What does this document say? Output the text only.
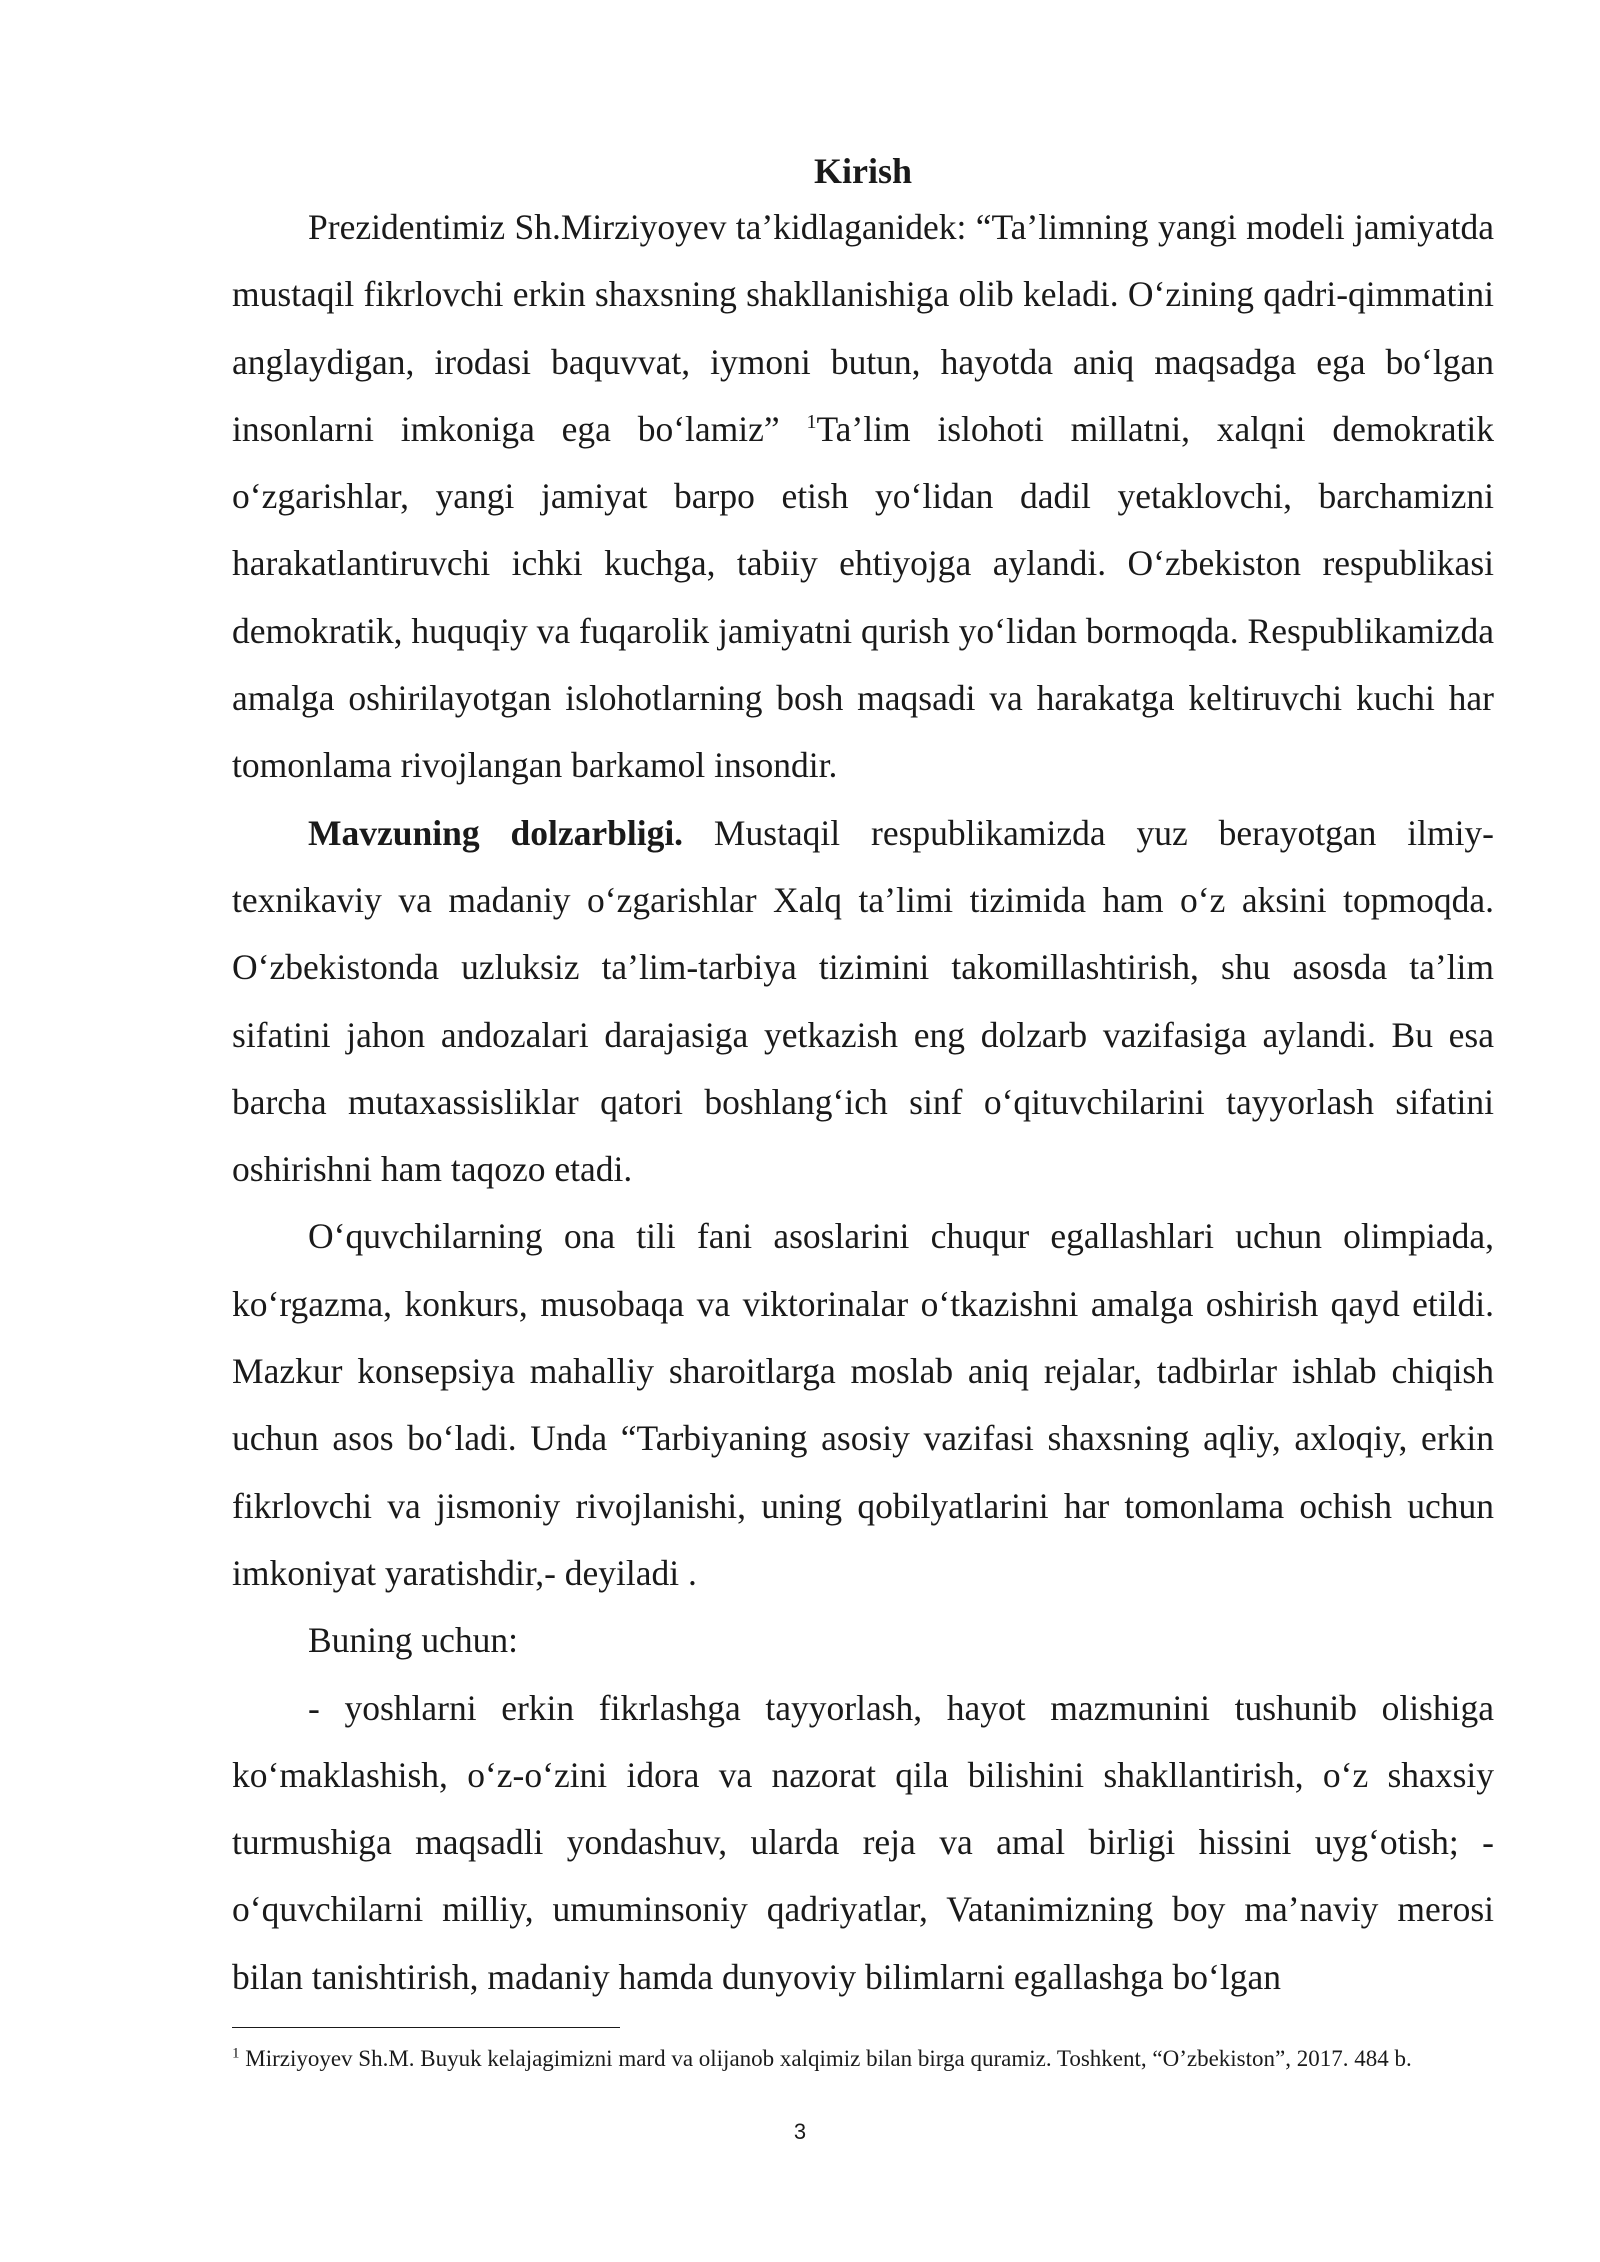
Kirish

Prezidentimiz Sh.Mirziyoyev ta’kidlaganidek: “Ta’limning yangi modeli jamiyatda mustaqil fikrlovchi erkin shaxsning shakllanishiga olib keladi. O‘zining qadri-qimmatini anglaydigan, irodasi baquvvat, iymoni butun, hayotda aniq maqsadga ega bo‘lgan insonlarni imkoniga ega bo‘lamiz” $^1$Ta’lim islohoti millatni, xalqni demokratik o‘zgarishlar, yangi jamiyat barpo etish yo‘lidan dadil yetaklovchi, barchamizni harakatlantiruvchi ichki kuchga, tabiiy ehtiyojga aylandi. O‘zbekiston respublikasi demokratik, huquqiy va fuqarolik jamiyatni qurish yo‘lidan bormoqda. Respublikamizda amalga oshirilayotgan islohotlarning bosh maqsadi va harakatga keltiruvchi kuchi har tomonlama rivojlangan barkamol insondir.

Mavzuning dolzarbligi. Mustaqil respublikamizda yuz berayotgan ilmiy-texnikaviy va madaniy o‘zgarishlar Xalq ta’limi tizimida ham o‘z aksini topmoqda. O‘zbekistonda uzluksiz ta’lim-tarbiya tizimini takomillashtirish, shu asosda ta’lim sifatini jahon andozalari darajasiga yetkazish eng dolzarb vazifasiga aylandi. Bu esa barcha mutaxassisliklar qatori boshlang‘ich sinf o‘qituvchilarini tayyorlash sifatini oshirishni ham taqozo etadi.

O‘quvchilarning ona tili fani asoslarini chuqur egallashlari uchun olimpiada, ko‘rgazma, konkurs, musobaqa va viktorinalar o‘tkazishni amalga oshirish qayd etildi. Mazkur konsepsiya mahalliy sharoitlarga moslab aniq rejalar, tadbirlar ishlab chiqish uchun asos bo‘ladi. Unda “Tarbiyaning asosiy vazifasi shaxsning aqliy, axloqiy, erkin fikrlovchi va jismoniy rivojlanishi, uning qobilyatlarini har tomonlama ochish uchun imkoniyat yaratishdir,- deyiladi .

Buning uchun:

- yoshlarni erkin fikrlashga tayyorlash, hayot mazmunini tushunib olishiga ko‘maklashish, o‘z-o‘zini idora va nazorat qila bilishini shakllantirish, o‘z shaxsiy turmushiga maqsadli yondashuv, ularda reja va amal birligi hissini uyg‘otish; -o‘quvchilarni milliy, umuminsoniy qadriyatlar, Vatanimizning boy ma’naviy merosi bilan tanishtirish, madaniy hamda dunyoviy bilimlarni egallashga bo‘lgan

$^1$ Mirziyoyev Sh.M. Buyuk kelajagimizni mard va olijanob xalqimiz bilan birga quramiz. Toshkent, “O’zbekiston”, 2017. 484 b.

3
